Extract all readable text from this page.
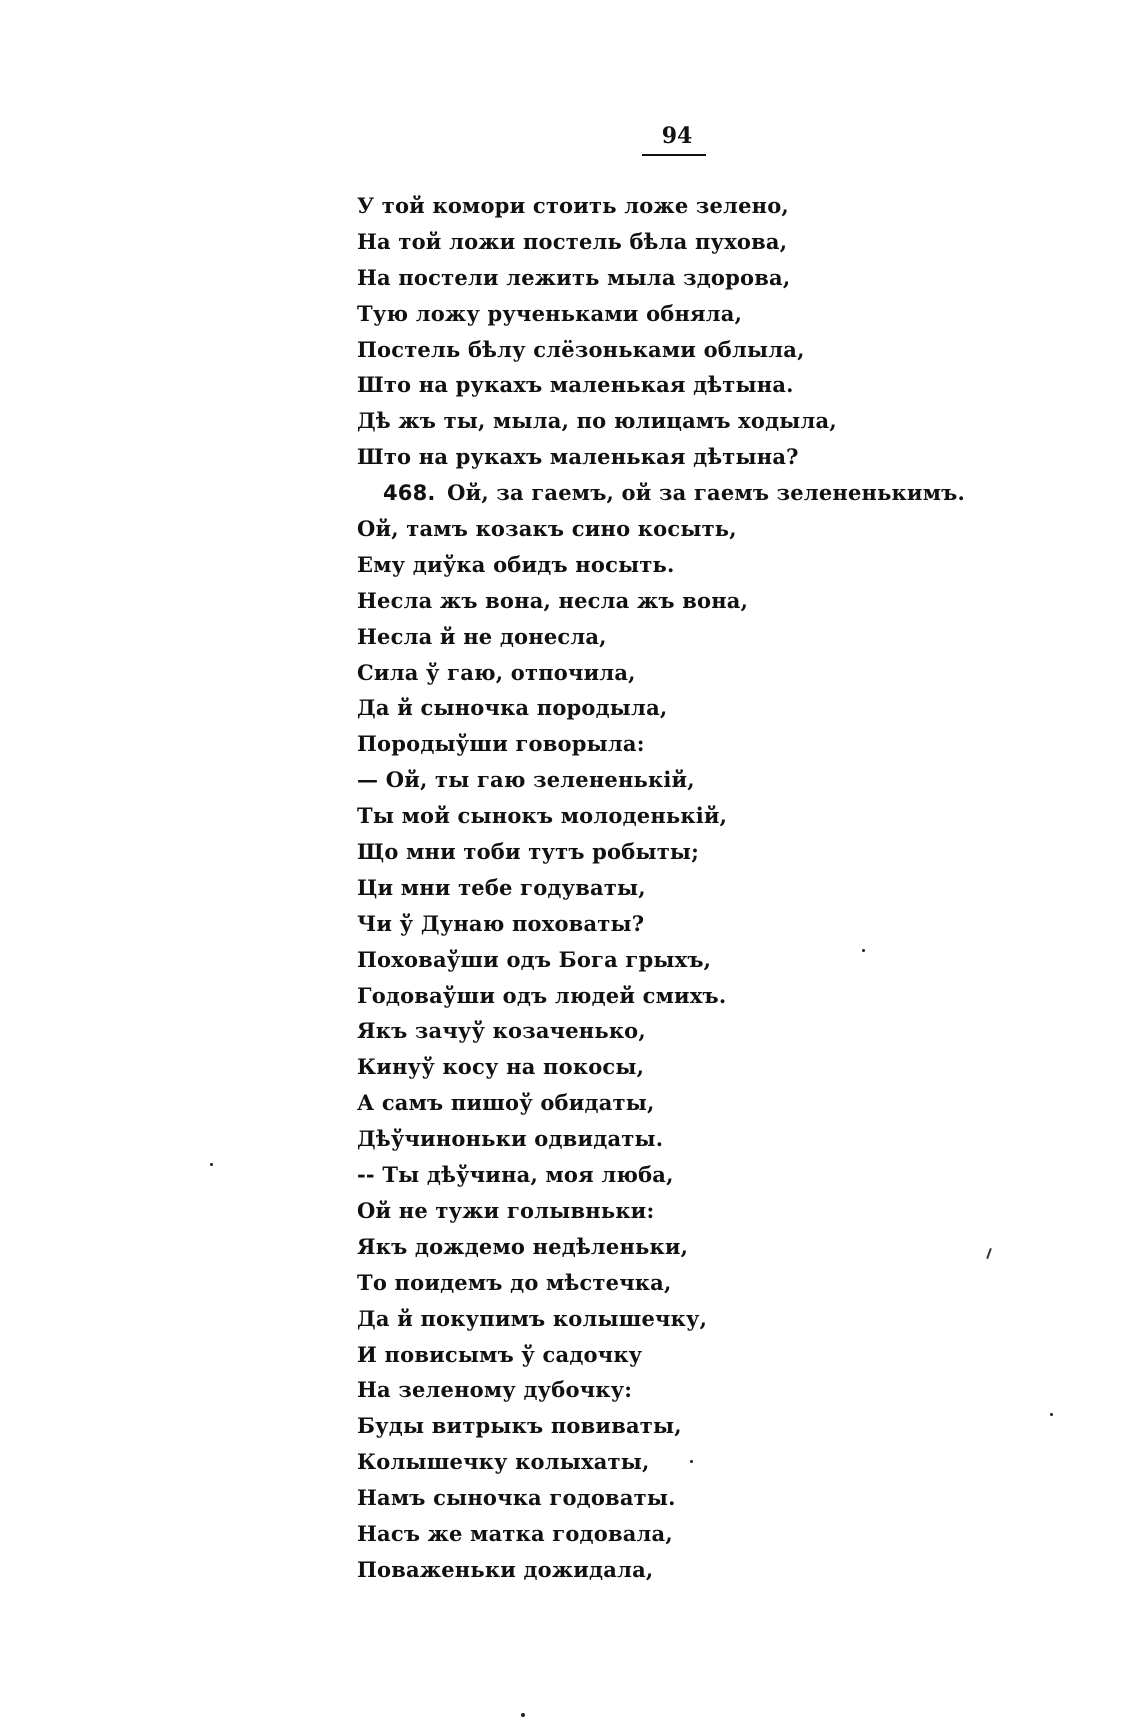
94
У той комори стоить ложе зелено,
На той ложи постель бѣла пухова,
На постели лежить мыла здорова,
Тую ложу рученьками обняла,
Постель бѣлу слёзоньками облыла,
Што на рукахъ маленькая дѣтына.
Дѣ жъ ты, мыла, по юлицамъ ходыла,
Што на рукахъ маленькая дѣтына?
468. Ой, за гаемъ, ой за гаемъ зелененькимъ.
Ой, тамъ козакъ сино косыть,
Ему диўка обидъ носыть.
Несла жъ вона, несла жъ вона,
Несла й не донесла,
Сила ў гаю, отпочила,
Да й сыночка породыла,
Породыўши говорыла:
— Ой, ты гаю зелененькій,
Ты мой сынокъ молоденькій,
Що мни тоби тутъ робыты;
Ци мни тебе годуваты,
Чи ў Дунаю поховаты?
Поховаўши одъ Бога грыхъ,
Годоваўши одъ людей смихъ.
Якъ зачуў козаченько,
Кинуў косу на покосы,
А самъ пишоў обидаты,
Дѣўчиноньки одвидаты.
-- Ты дѣўчина, моя люба,
Ой не тужи голывньки:
Якъ дождемо недѣленьки,
То поидемъ до мѣстечка,
Да й покупимъ колышечку,
И повисымъ ў садочку
На зеленому дубочку:
Буды витрыкъ повиваты,
Колышечку колыхаты,
Намъ сыночка годоваты.
Насъ же матка годовала,
Поваженьки дожидала,
